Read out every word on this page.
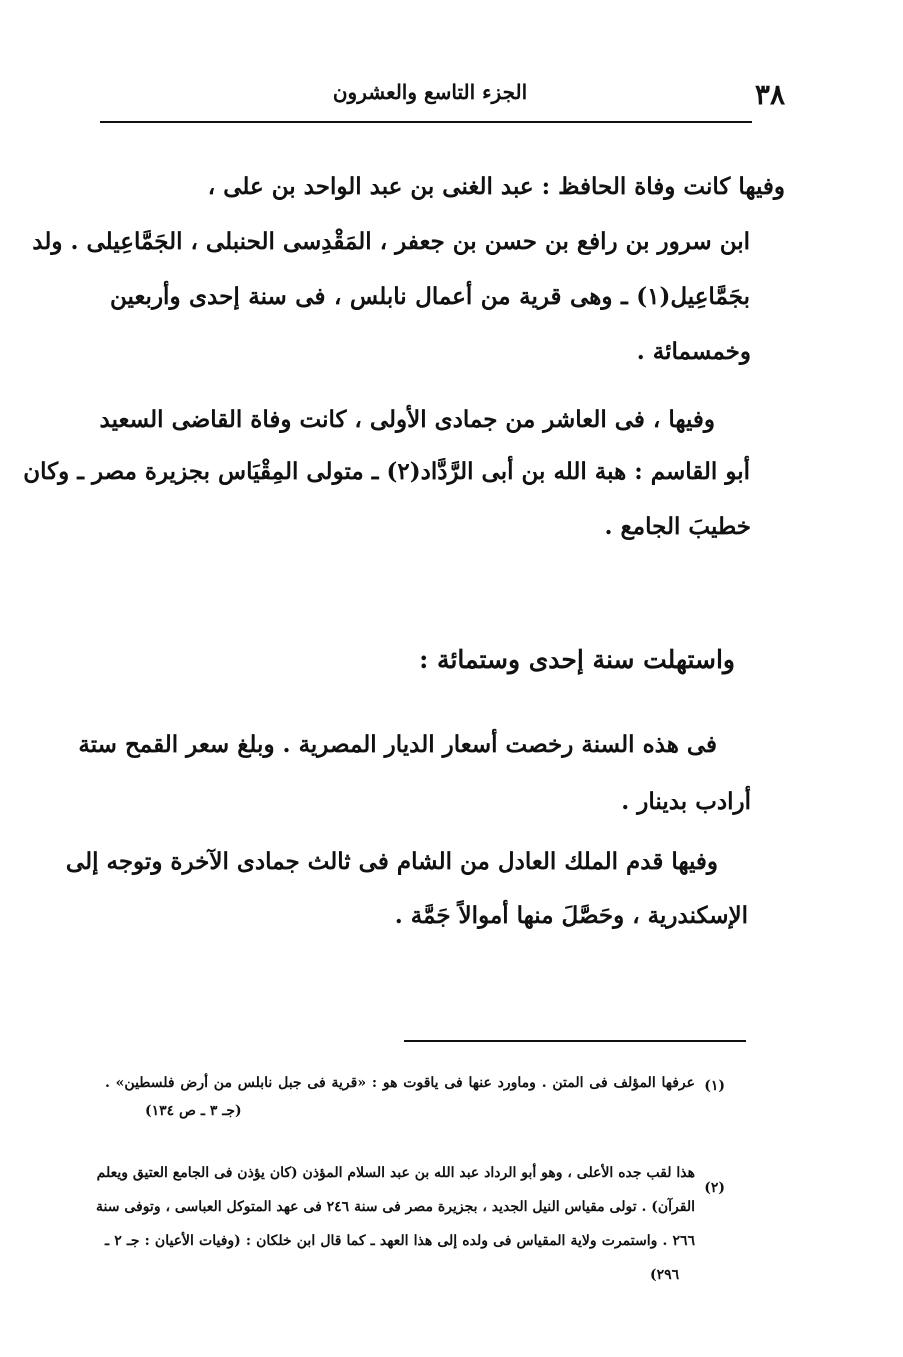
٣٨
الجزء التاسع والعشرون
وفيها كانت وفاة الحافظ : عبد الغنى بن عبد الواحد بن على ،
ابن سرور بن رافع بن حسن بن جعفر ، المَقْدِسى الحنبلى ، الجَمَّاعِيلى . ولد
بجَمَّاعِيل(١) ـ وهى قرية من أعمال نابلس ، فى سنة إحدى وأربعين
وخمسمائة .
وفيها ، فى العاشر من جمادى الأولى ، كانت وفاة القاضى السعيد
أبو القاسم : هبة الله بن أبى الرَّدَّاد(٢) ـ متولى المِقْيَاس بجزيرة مصر ـ وكان
خطيبَ الجامع .
واستهلت سنة إحدى وستمائة :
فى هذه السنة رخصت أسعار الديار المصرية . وبلغ سعر القمح ستة
أرادب بدينار .
وفيها قدم الملك العادل من الشام فى ثالث جمادى الآخرة وتوجه إلى
الإسكندرية ، وحَصَّلَ منها أموالاً جَمَّة .
(١)
عرفها المؤلف فى المتن . وماورد عنها فى ياقوت هو : «قرية فى جبل نابلس من أرض فلسطين» .
(جـ ٣ ـ ص ١٣٤)
(٢)
هذا لقب جده الأعلى ، وهو أبو الرداد عبد الله بن عبد السلام المؤذن (كان يؤذن فى الجامع العتيق ويعلم
القرآن) . تولى مقياس النيل الجديد ، بجزيرة مصر فى سنة ٢٤٦ فى عهد المتوكل العباسى ، وتوفى سنة
٢٦٦ . واستمرت ولاية المقياس فى ولده إلى هذا العهد ـ كما قال ابن خلكان : (وفيات الأعيان : جـ ٢ ـ
٢٩٦)
